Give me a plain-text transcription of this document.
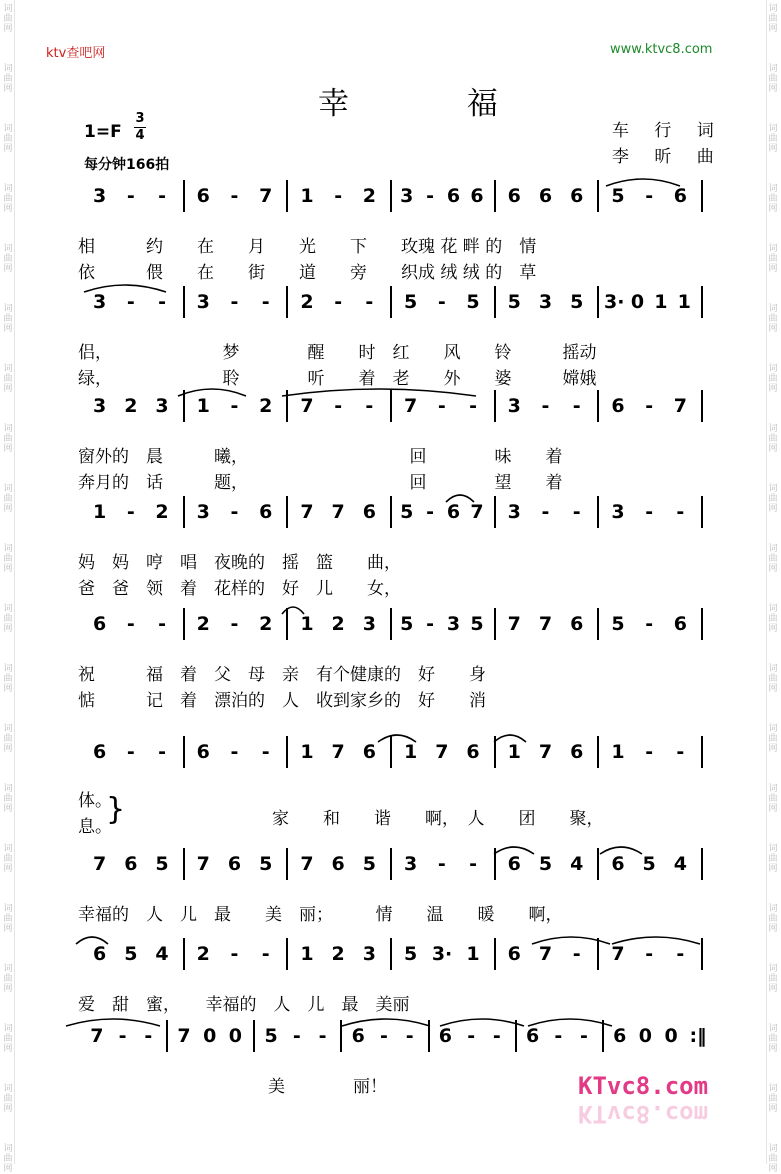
词
曲
网
词
曲
网
词
曲
网
词
曲
网
词
曲
网
词
曲
网
词
曲
网
词
曲
网
词
曲
网
词
曲
网
词
曲
网
词
曲
网
词
曲
网
词
曲
网
词
曲
网
词
曲
网
词
曲
网
词
曲
网
词
曲
网
词
曲
网
词
曲
网
词
曲
网
词
曲
网
词
曲
网
词
曲
网
词
曲
网
词
曲
网
词
曲
网
词
曲
网
词
曲
网
词
曲
网
词
曲
网
词
曲
网
词
曲
网
词
曲
网
词
曲
网
词
曲
网
词
曲
网
词
曲
网
词
曲
网
ktv查吧网	www.ktvc8.com
幸 福
1=F
3
4
每分钟166拍
车 行 词
李 昕 曲
3	-	-	6	-	7 1	-	2 3 - 6 6 6 6 6 5	-	6
相　　　约　　在　　月　　光　　下　　玫瑰 花 畔 的　情
依　　　偎　　在　　街　　道　　旁　　织成 绒 绒 的　草
3	-	-	3	-	-	2	-	-	5	-	5 5 3 5 3· 0 1 1
侣，　　　　　　　梦　　　　醒　　时　红　　风　　铃　　　摇动
绿，　　　　　　　聆　　　　听　　着　老　　外　　婆　　　嫦娥
3 2 3 1	-	2 7	-	-	7	-	-	3	-	-	6	-	7
窗外的　晨　　　曦，　　　　　　　　　　回　　　　味　　着
奔月的　话　　　题，　　　　　　　　　　回　　　　望　　着
1	-	2 3	-	6 7 7 6 5 - 6 7 3	-	-	3	-	-
妈　妈　哼　唱　夜晚的　摇　篮　　曲，
爸　爸　领　着　花样的　好　儿　　女，
6	-	-	2	-	2 1 2 3 5 - 3 5 7 7 6 5	-	6
祝　　　福　着　父　母　亲　有个健康的　好　　身
惦　　　记　着　漂泊的　人　收到家乡的　好　　消
6	-	-	6	-	-	1 7 6 1 7 6 1 7 6 1	-	-
体。
息。	家　　和　　谐　　啊，　人　　团　　聚，
}
7 6 5 7 6 5 7 6 5 3	-	-	6 5 4 6 5 4
幸福的　人　儿　最　　美　丽；　　　情　　温　　暖　　啊，
6 5 4 2	-	-	1 2 3 5 3· 1 6 7	-	7	-	-
爱　甜　蜜，　　幸福的　人　儿　最　美丽
7 - -	7 0 0 5 - -	6 - -	6 - -	6 - -	6 0 0 :‖
美　　　　丽！	KTvc8.com
KTvc8.com
